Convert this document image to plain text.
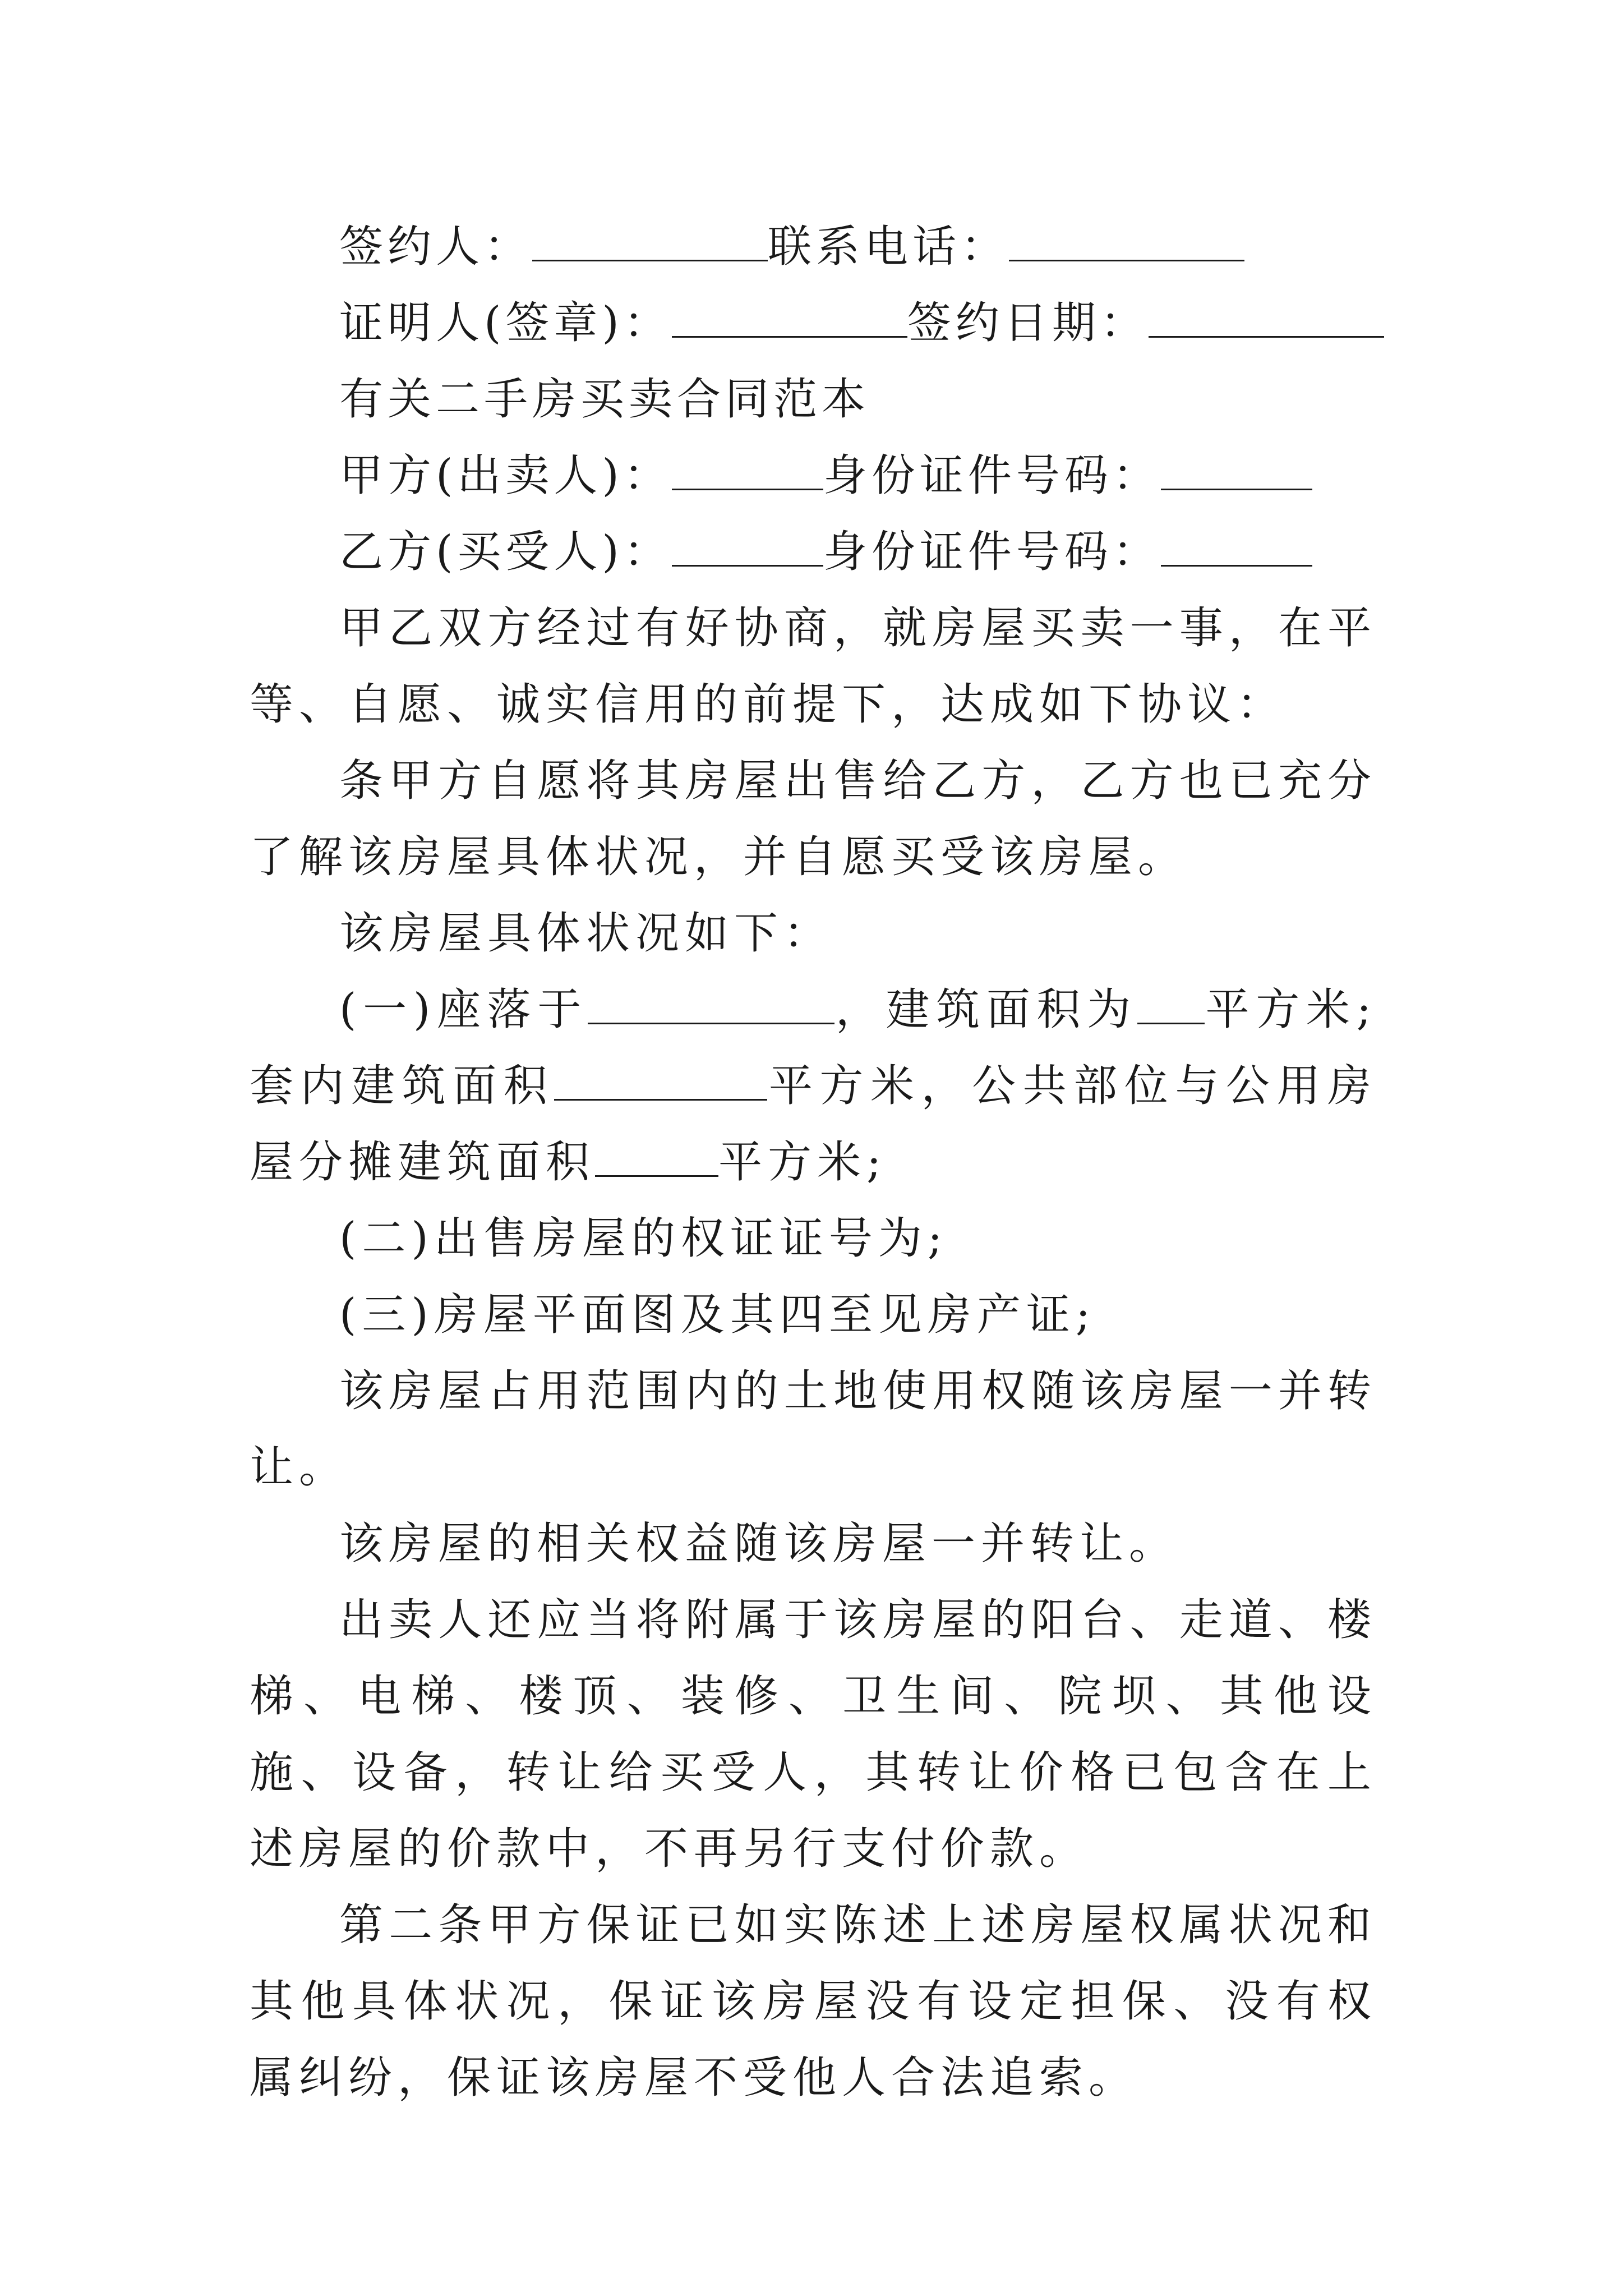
签约人：	联系电话：
证明人(签章)：	签约日期：
有关二手房买卖合同范本
甲方(出卖人)：	身份证件号码：
乙方(买受人)：	身份证件号码：

甲乙双方经过有好协商，就房屋买卖一事，在平等、自愿、诚实信用的前提下，达成如下协议：

条甲方自愿将其房屋出售给乙方，乙方也已充分了解该房屋具体状况，并自愿买受该房屋。

该房屋具体状况如下：

(一)座落于	，建筑面积为 平方米;套内建筑面积	平方米，公共部位与公用房屋分摊建筑面积	平方米;

(二)出售房屋的权证证号为;

(三)房屋平面图及其四至见房产证;

该房屋占用范围内的土地使用权随该房屋一并转让。

该房屋的相关权益随该房屋一并转让。

出卖人还应当将附属于该房屋的阳台、走道、楼梯、电梯、楼顶、装修、卫生间、院坝、其他设施、设备，转让给买受人，其转让价格已包含在上述房屋的价款中，不再另行支付价款。

第二条甲方保证已如实陈述上述房屋权属状况和其他具体状况，保证该房屋没有设定担保、没有权属纠纷，保证该房屋不受他人合法追索。
